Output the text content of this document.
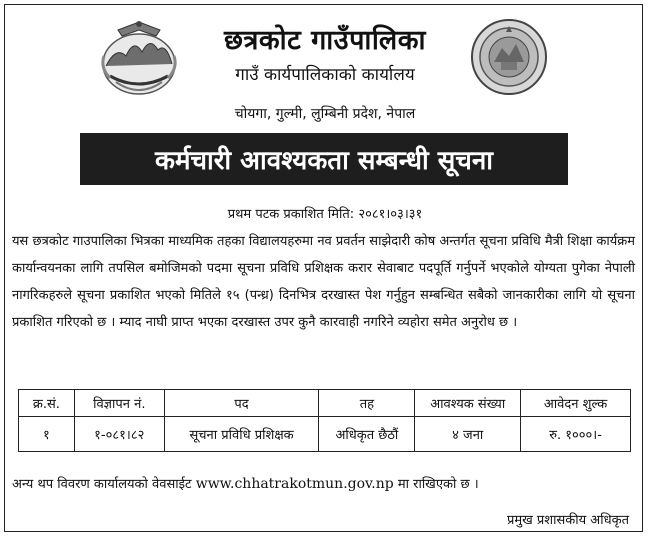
छत्रकोट गाउँपालिका
गाउँ कार्यपालिकाको कार्यालय
चोयगा, गुल्मी, लुम्बिनी प्रदेश, नेपाल
कर्मचारी आवश्यकता सम्बन्धी सूचना
प्रथम पटक प्रकाशित मिति: २०८१।०३।३१

यस छत्रकोट गाउपालिका भित्रका माध्यमिक तहका विद्यालयहरुमा नव प्रवर्तन साझेदारी कोष अन्तर्गत सूचना प्रविधि मैत्री शिक्षा कार्यक्रम कार्यान्वयनका लागि तपसिल बमोजिमको पदमा सूचना प्रविधि प्रशिक्षक करार सेवाबाट पदपूर्ति गर्नुपर्ने भएकोले योग्यता पुगेका नेपाली नागरिकहरुले सूचना प्रकाशित भएको मितिले १५ (पन्ध्र) दिनभित्र दरखास्त पेश गर्नुहुन सम्बन्धित सबैको जानकारीका लागि यो सूचना प्रकाशित गरिएको छ । म्याद नाघी प्राप्त भएका दरखास्त उपर कुनै कारवाही नगरिने व्यहोरा समेत अनुरोध छ ।

क्र.सं.	विज्ञापन नं.	पद	तह	आवश्यक संख्या	आवेदन शुल्क
१	१-०८१।८२	सूचना प्रविधि प्रशिक्षक	अधिकृत छैठौं	४ जना	रु. १०००।-
अन्य थप विवरण कार्यालयको वेवसाईट www.chhatrakotmun.gov.np मा राखिएको छ ।
प्रमुख प्रशासकीय अधिकृत
